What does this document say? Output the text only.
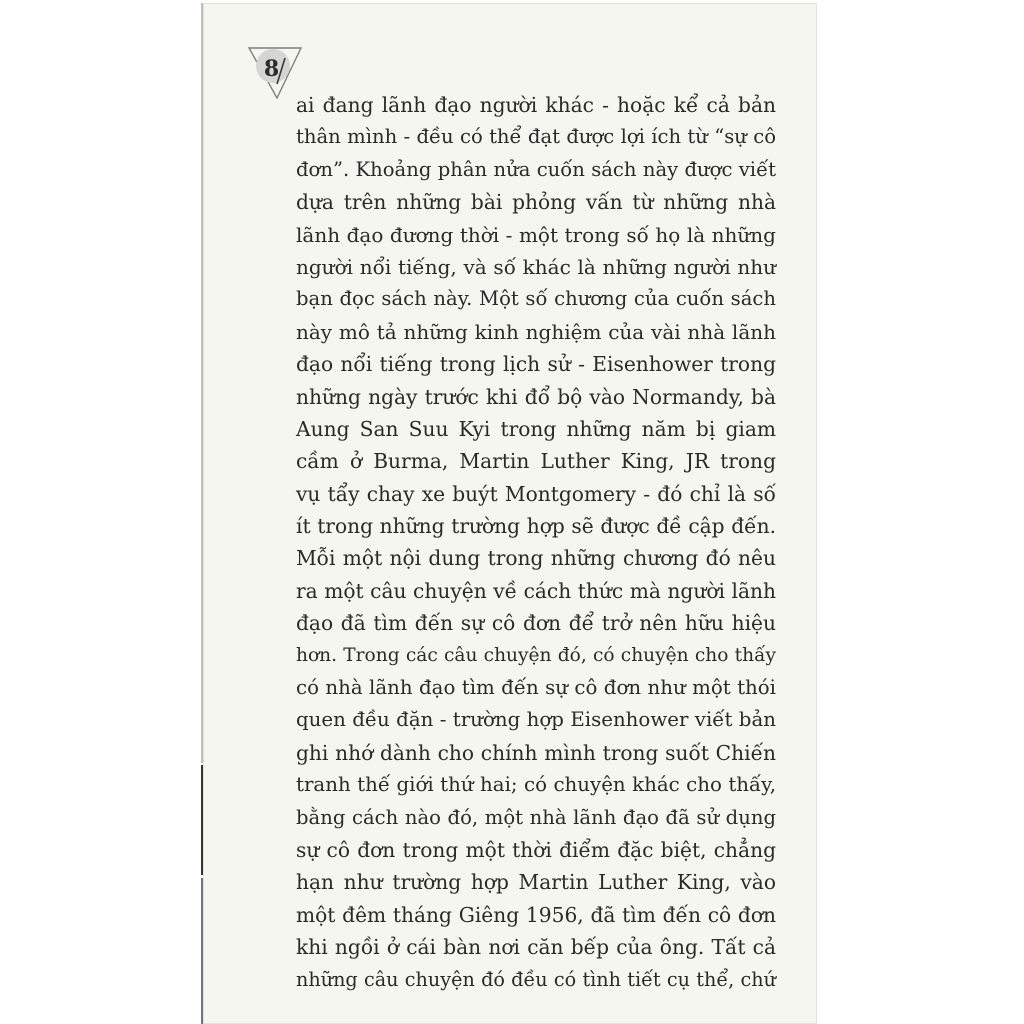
8
ai đang lãnh đạo người khác - hoặc kể cả bản
thân mình - đều có thể đạt được lợi ích từ “sự cô
đơn”. Khoảng phân nửa cuốn sách này được viết
dựa trên những bài phỏng vấn từ những nhà
lãnh đạo đương thời - một trong số họ là những
người nổi tiếng, và số khác là những người như
bạn đọc sách này. Một số chương của cuốn sách
này mô tả những kinh nghiệm của vài nhà lãnh
đạo nổi tiếng trong lịch sử - Eisenhower trong
những ngày trước khi đổ bộ vào Normandy, bà
Aung San Suu Kyi trong những năm bị giam
cầm ở Burma, Martin Luther King, JR trong
vụ tẩy chay xe buýt Montgomery - đó chỉ là số
ít trong những trường hợp sẽ được đề cập đến.
Mỗi một nội dung trong những chương đó nêu
ra một câu chuyện về cách thức mà người lãnh
đạo đã tìm đến sự cô đơn để trở nên hữu hiệu
hơn. Trong các câu chuyện đó, có chuyện cho thấy
có nhà lãnh đạo tìm đến sự cô đơn như một thói
quen đều đặn - trường hợp Eisenhower viết bản
ghi nhớ dành cho chính mình trong suốt Chiến
tranh thế giới thứ hai; có chuyện khác cho thấy,
bằng cách nào đó, một nhà lãnh đạo đã sử dụng
sự cô đơn trong một thời điểm đặc biệt, chẳng
hạn như trường hợp Martin Luther King, vào
một đêm tháng Giêng 1956, đã tìm đến cô đơn
khi ngồi ở cái bàn nơi căn bếp của ông. Tất cả
những câu chuyện đó đều có tình tiết cụ thể, chứ
